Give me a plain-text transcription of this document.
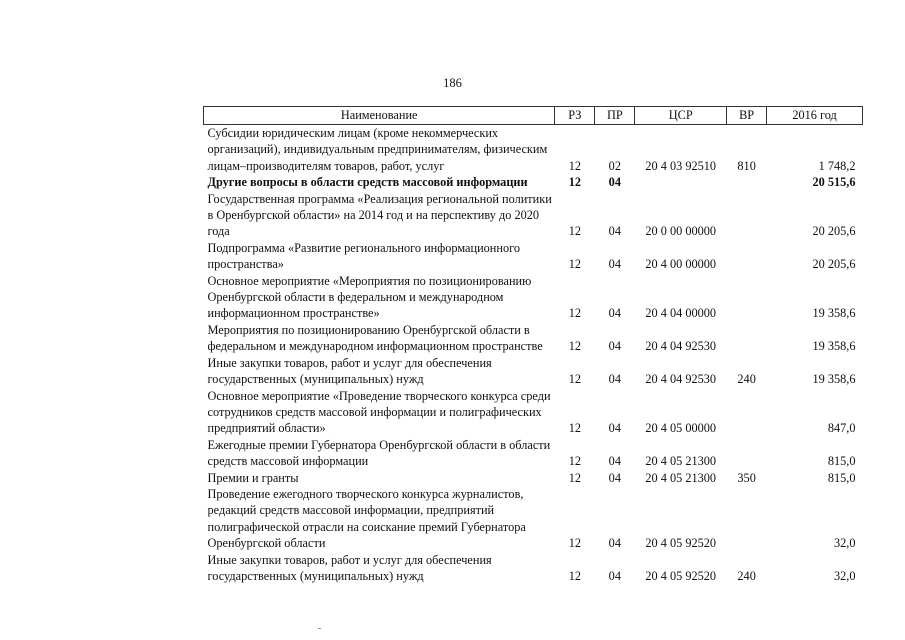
186
Наименование	РЗ	ПР	ЦСР	ВР	2016 год
Субсидии юридическим лицам (кроме некоммерческих организаций), индивидуальным предпринимателям, физическим лицам–производителям товаров, работ, услуг	12	02	20 4 03 92510	810	1 748,2
Другие вопросы в области средств массовой информации	12	04			20 515,6
Государственная программа «Реализация региональной политики в Оренбургской области» на 2014 год и на перспективу до 2020 года	12	04	20 0 00 00000		20 205,6
Подпрограмма «Развитие регионального информационного пространства»	12	04	20 4 00 00000		20 205,6
Основное мероприятие «Мероприятия по позиционированию Оренбургской области в федеральном и международном информационном пространстве»	12	04	20 4 04 00000		19 358,6
Мероприятия по позиционированию Оренбургской области в федеральном и международном информационном пространстве	12	04	20 4 04 92530		19 358,6
Иные закупки товаров, работ и услуг для обеспечения государственных (муниципальных) нужд	12	04	20 4 04 92530	240	19 358,6
Основное мероприятие «Проведение творческого конкурса среди сотрудников средств массовой информации и полиграфических предприятий области»	12	04	20 4 05 00000		847,0
Ежегодные премии Губернатора Оренбургской области в области средств массовой информации	12	04	20 4 05 21300		815,0
Премии и гранты	12	04	20 4 05 21300	350	815,0
Проведение ежегодного творческого конкурса журналистов, редакций средств массовой информации, предприятий полиграфической отрасли на соискание премий Губернатора Оренбургской области	12	04	20 4 05 92520		32,0
Иные закупки товаров, работ и услуг для обеспечения государственных (муниципальных) нужд	12	04	20 4 05 92520	240	32,0
